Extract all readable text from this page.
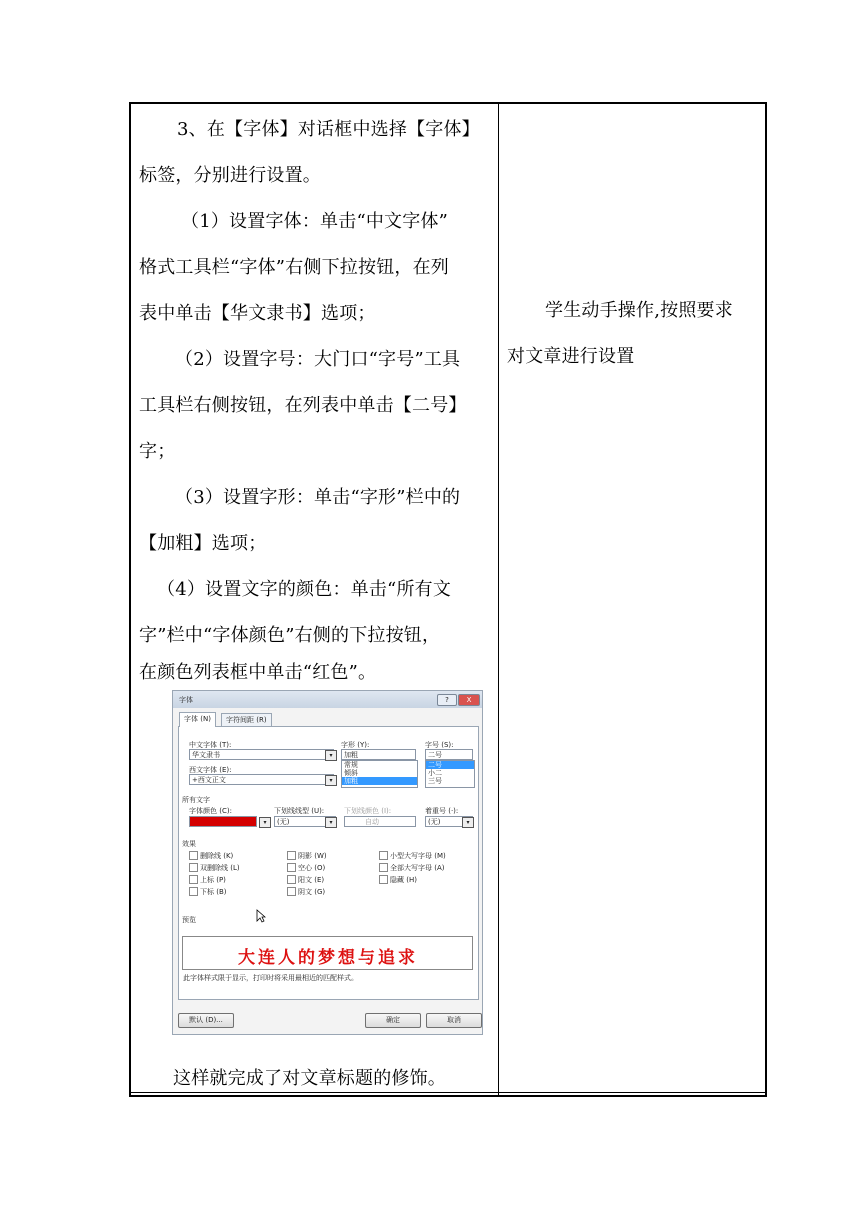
3、在【字体】对话框中选择【字体】
标签，分别进行设置。
（1）设置字体：单击“中文字体”
格式工具栏“字体”右侧下拉按钮，在列
表中单击【华文隶书】选项；
（2）设置字号：大门口“字号”工具
工具栏右侧按钮，在列表中单击【二号】
字；
（3）设置字形：单击“字形”栏中的
【加粗】选项；
（4）设置文字的颜色：单击“所有文
字”栏中“字体颜色”右侧的下拉按钮，
在颜色列表框中单击“红色”。
字体	?	X
字体 (N)	字符间距 (R)
中文字体 (T):
华文隶书	▾
西文字体 (E):
+西文正文	▾
字形 (Y):
加粗
常规
倾斜
加粗
字号 (S):
二号
二号
小二
三号
所有文字
字体颜色 (C):
▾
下划线线型 (U):
(无)	▾
下划线颜色 (I):
自动
着重号 (·):
(无)	▾
效果
删除线 (K)
双删除线 (L)
上标 (P)
下标 (B)
阴影 (W)
空心 (O)
阳文 (E)
阴文 (G)
小型大写字母 (M)
全部大写字母 (A)
隐藏 (H)
预览
大连人的梦想与追求
此字体样式限于显示，打印时将采用最相近的匹配样式。
默认 (D)...	确定	取消
这样就完成了对文章标题的修饰。
学生动手操作,按照要求
对文章进行设置
